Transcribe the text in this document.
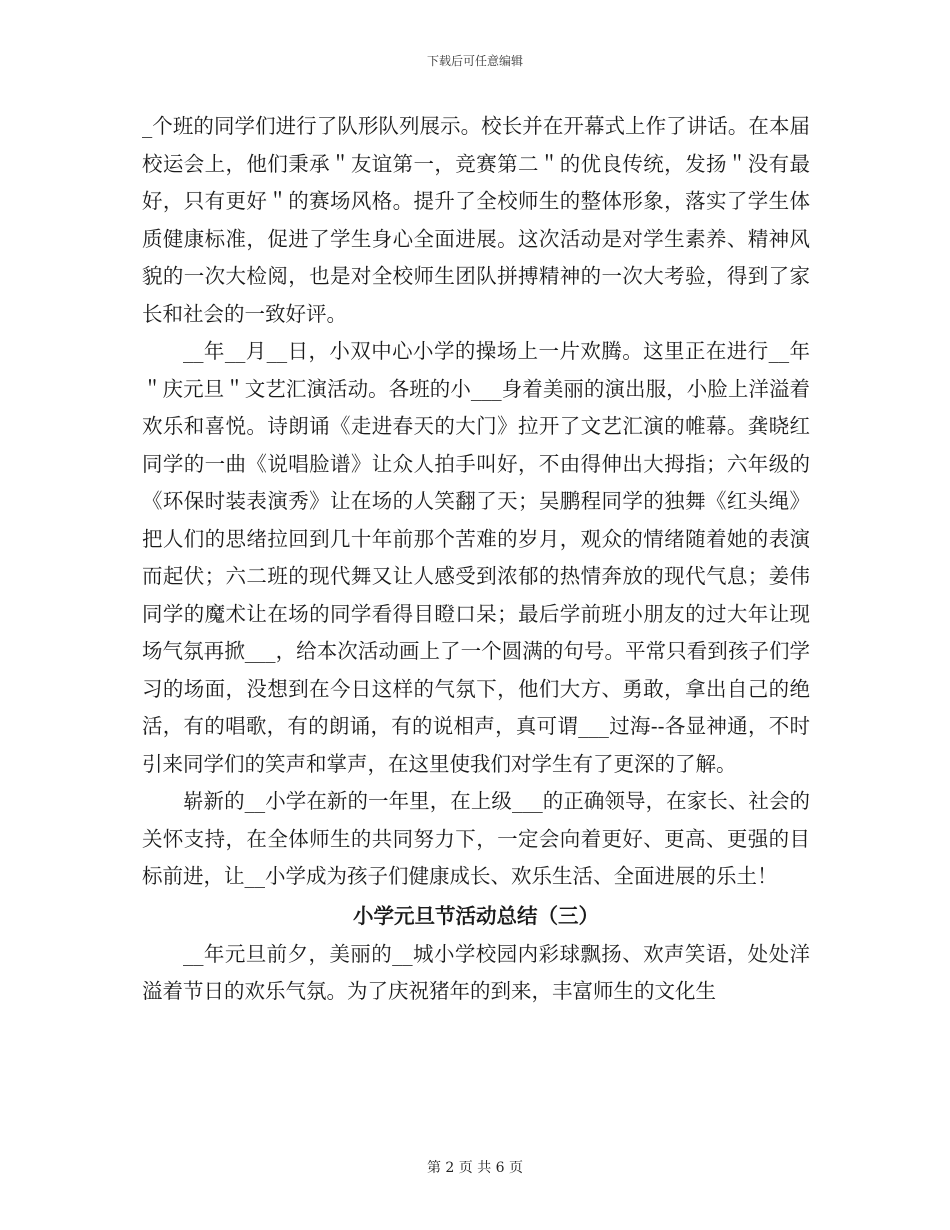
下载后可任意编辑

_个班的同学们进行了队形队列展示。校长并在开幕式上作了讲话。在本届校运会上，他们秉承＂友谊第一，竞赛第二＂的优良传统，发扬＂没有最好，只有更好＂的赛场风格。提升了全校师生的整体形象，落实了学生体质健康标准，促进了学生身心全面进展。这次活动是对学生素养、精神风貌的一次大检阅，也是对全校师生团队拼搏精神的一次大考验，得到了家长和社会的一致好评。

__年__月__日，小双中心小学的操场上一片欢腾。这里正在进行__年＂庆元旦＂文艺汇演活动。各班的小___身着美丽的演出服，小脸上洋溢着欢乐和喜悦。诗朗诵《走进春天的大门》拉开了文艺汇演的帷幕。龚晓红同学的一曲《说唱脸谱》让众人拍手叫好，不由得伸出大拇指；六年级的《环保时装表演秀》让在场的人笑翻了天；吴鹏程同学的独舞《红头绳》把人们的思绪拉回到几十年前那个苦难的岁月，观众的情绪随着她的表演而起伏；六二班的现代舞又让人感受到浓郁的热情奔放的现代气息；姜伟同学的魔术让在场的同学看得目瞪口呆；最后学前班小朋友的过大年让现场气氛再掀___，给本次活动画上了一个圆满的句号。平常只看到孩子们学习的场面，没想到在今日这样的气氛下，他们大方、勇敢，拿出自己的绝活，有的唱歌，有的朗诵，有的说相声，真可谓___过海--各显神通，不时引来同学们的笑声和掌声，在这里使我们对学生有了更深的了解。

崭新的__小学在新的一年里，在上级___的正确领导，在家长、社会的关怀支持，在全体师生的共同努力下，一定会向着更好、更高、更强的目标前进，让__小学成为孩子们健康成长、欢乐生活、全面进展的乐土！

小学元旦节活动总结（三）

__年元旦前夕，美丽的__城小学校园内彩球飘扬、欢声笑语，处处洋溢着节日的欢乐气氛。为了庆祝猪年的到来，丰富师生的文化生

第 2 页 共 6 页
